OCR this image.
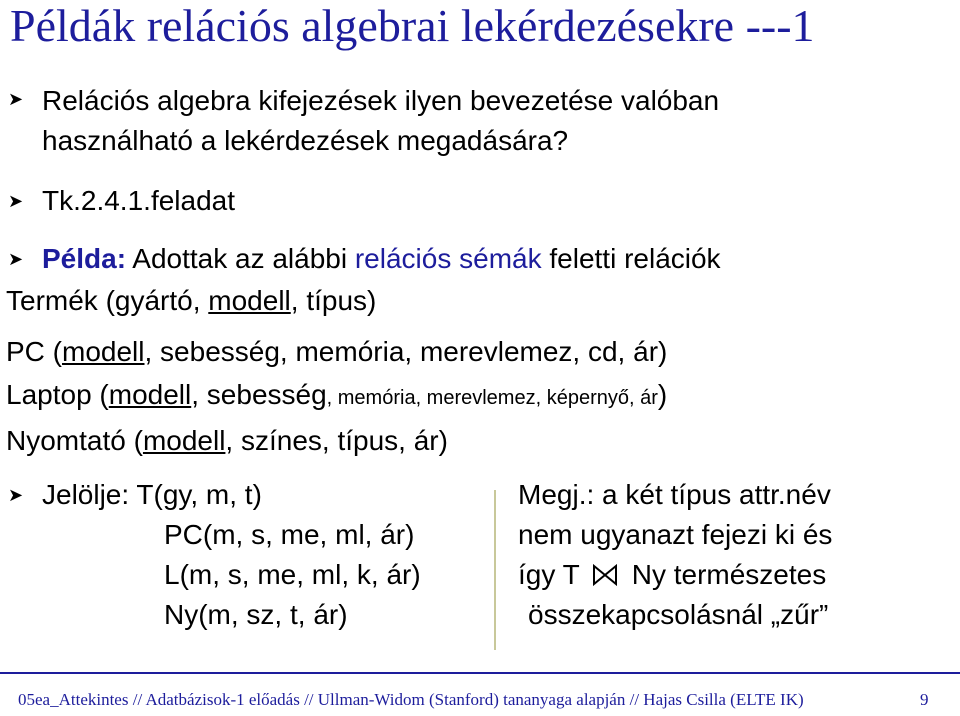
Példák relációs algebrai lekérdezésekre ---1
➤ Relációs algebra kifejezések ilyen bevezetése valóban
használható a lekérdezések megadására?
➤ Tk.2.4.1.feladat
➤ Példa: Adottak az alábbi relációs sémák feletti relációk
Termék (gyártó, modell, típus)
PC (modell, sebesség, memória, merevlemez, cd, ár)
Laptop (modell, sebesség, memória, merevlemez, képernyő, ár)
Nyomtató (modell, színes, típus, ár)
➤ Jelölje: T(gy, m, t)
PC(m, s, me, ml, ár)
L(m, s, me, ml, k, ár)
Ny(m, sz, t, ár)
Megj.: a két típus attr.név
nem ugyanazt fejezi ki és
így T Ny természetes
összekapcsolásnál „zűr”
05ea_Attekintes // Adatbázisok-1 előadás // Ullman-Widom (Stanford) tananyaga alapján // Hajas Csilla (ELTE IK)	9
